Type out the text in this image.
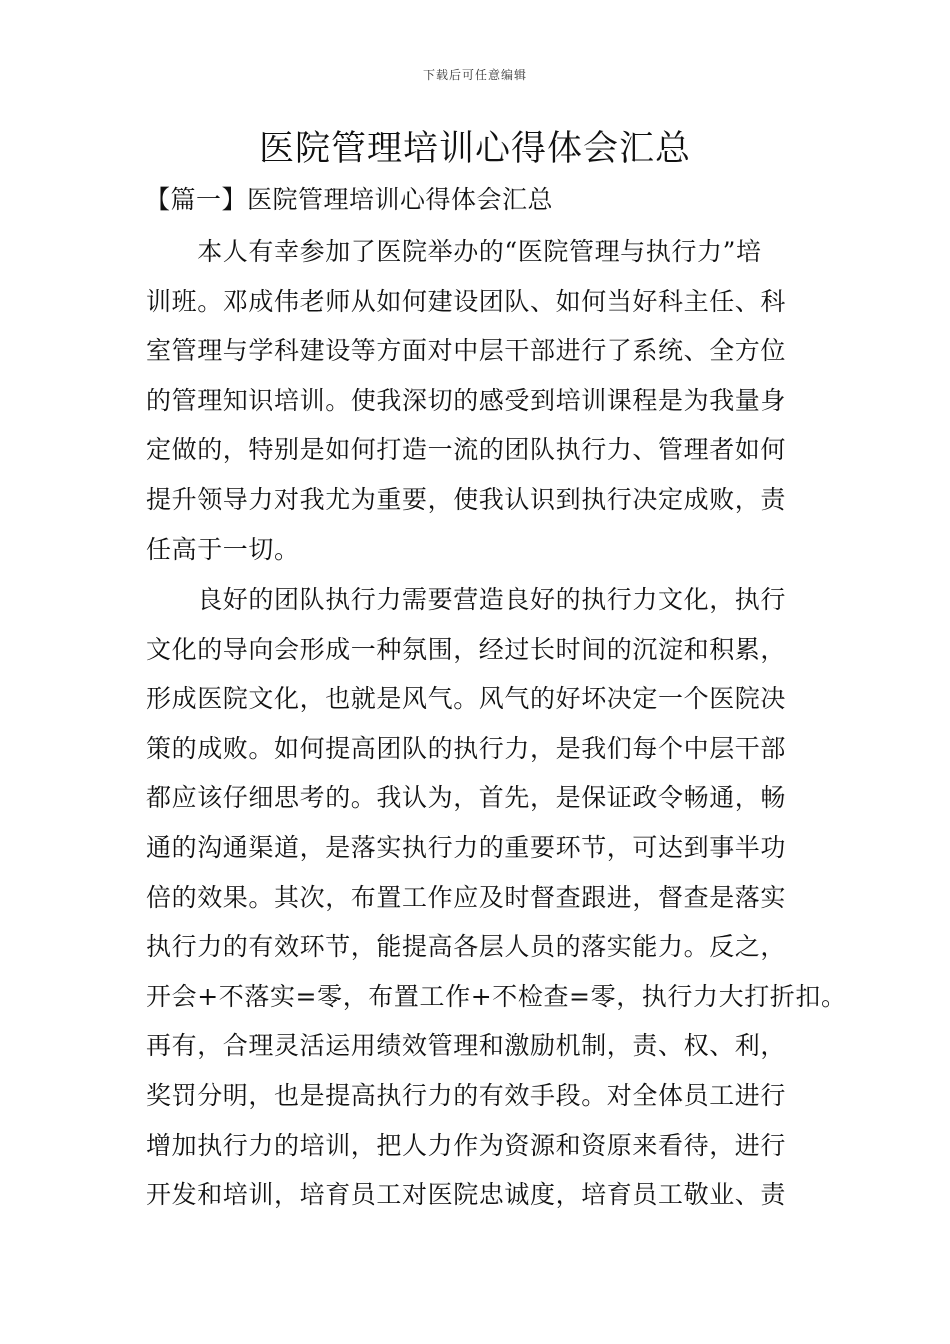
下载后可任意编辑
医院管理培训心得体会汇总
【篇一】医院管理培训心得体会汇总
　　本人有幸参加了医院举办的“医院管理与执行力”培
训班。邓成伟老师从如何建设团队、如何当好科主任、科
室管理与学科建设等方面对中层干部进行了系统、全方位
的管理知识培训。使我深切的感受到培训课程是为我量身
定做的，特别是如何打造一流的团队执行力、管理者如何
提升领导力对我尤为重要，使我认识到执行决定成败，责
任高于一切。
　　良好的团队执行力需要营造良好的执行力文化，执行
文化的导向会形成一种氛围，经过长时间的沉淀和积累，
形成医院文化，也就是风气。风气的好坏决定一个医院决
策的成败。如何提高团队的执行力，是我们每个中层干部
都应该仔细思考的。我认为，首先，是保证政令畅通，畅
通的沟通渠道，是落实执行力的重要环节，可达到事半功
倍的效果。其次，布置工作应及时督查跟进，督查是落实
执行力的有效环节，能提高各层人员的落实能力。反之，
开会+不落实=零，布置工作+不检查=零，执行力大打折扣。
再有，合理灵活运用绩效管理和激励机制，责、权、利，
奖罚分明，也是提高执行力的有效手段。对全体员工进行
增加执行力的培训，把人力作为资源和资原来看待，进行
开发和培训，培育员工对医院忠诚度，培育员工敬业、责
